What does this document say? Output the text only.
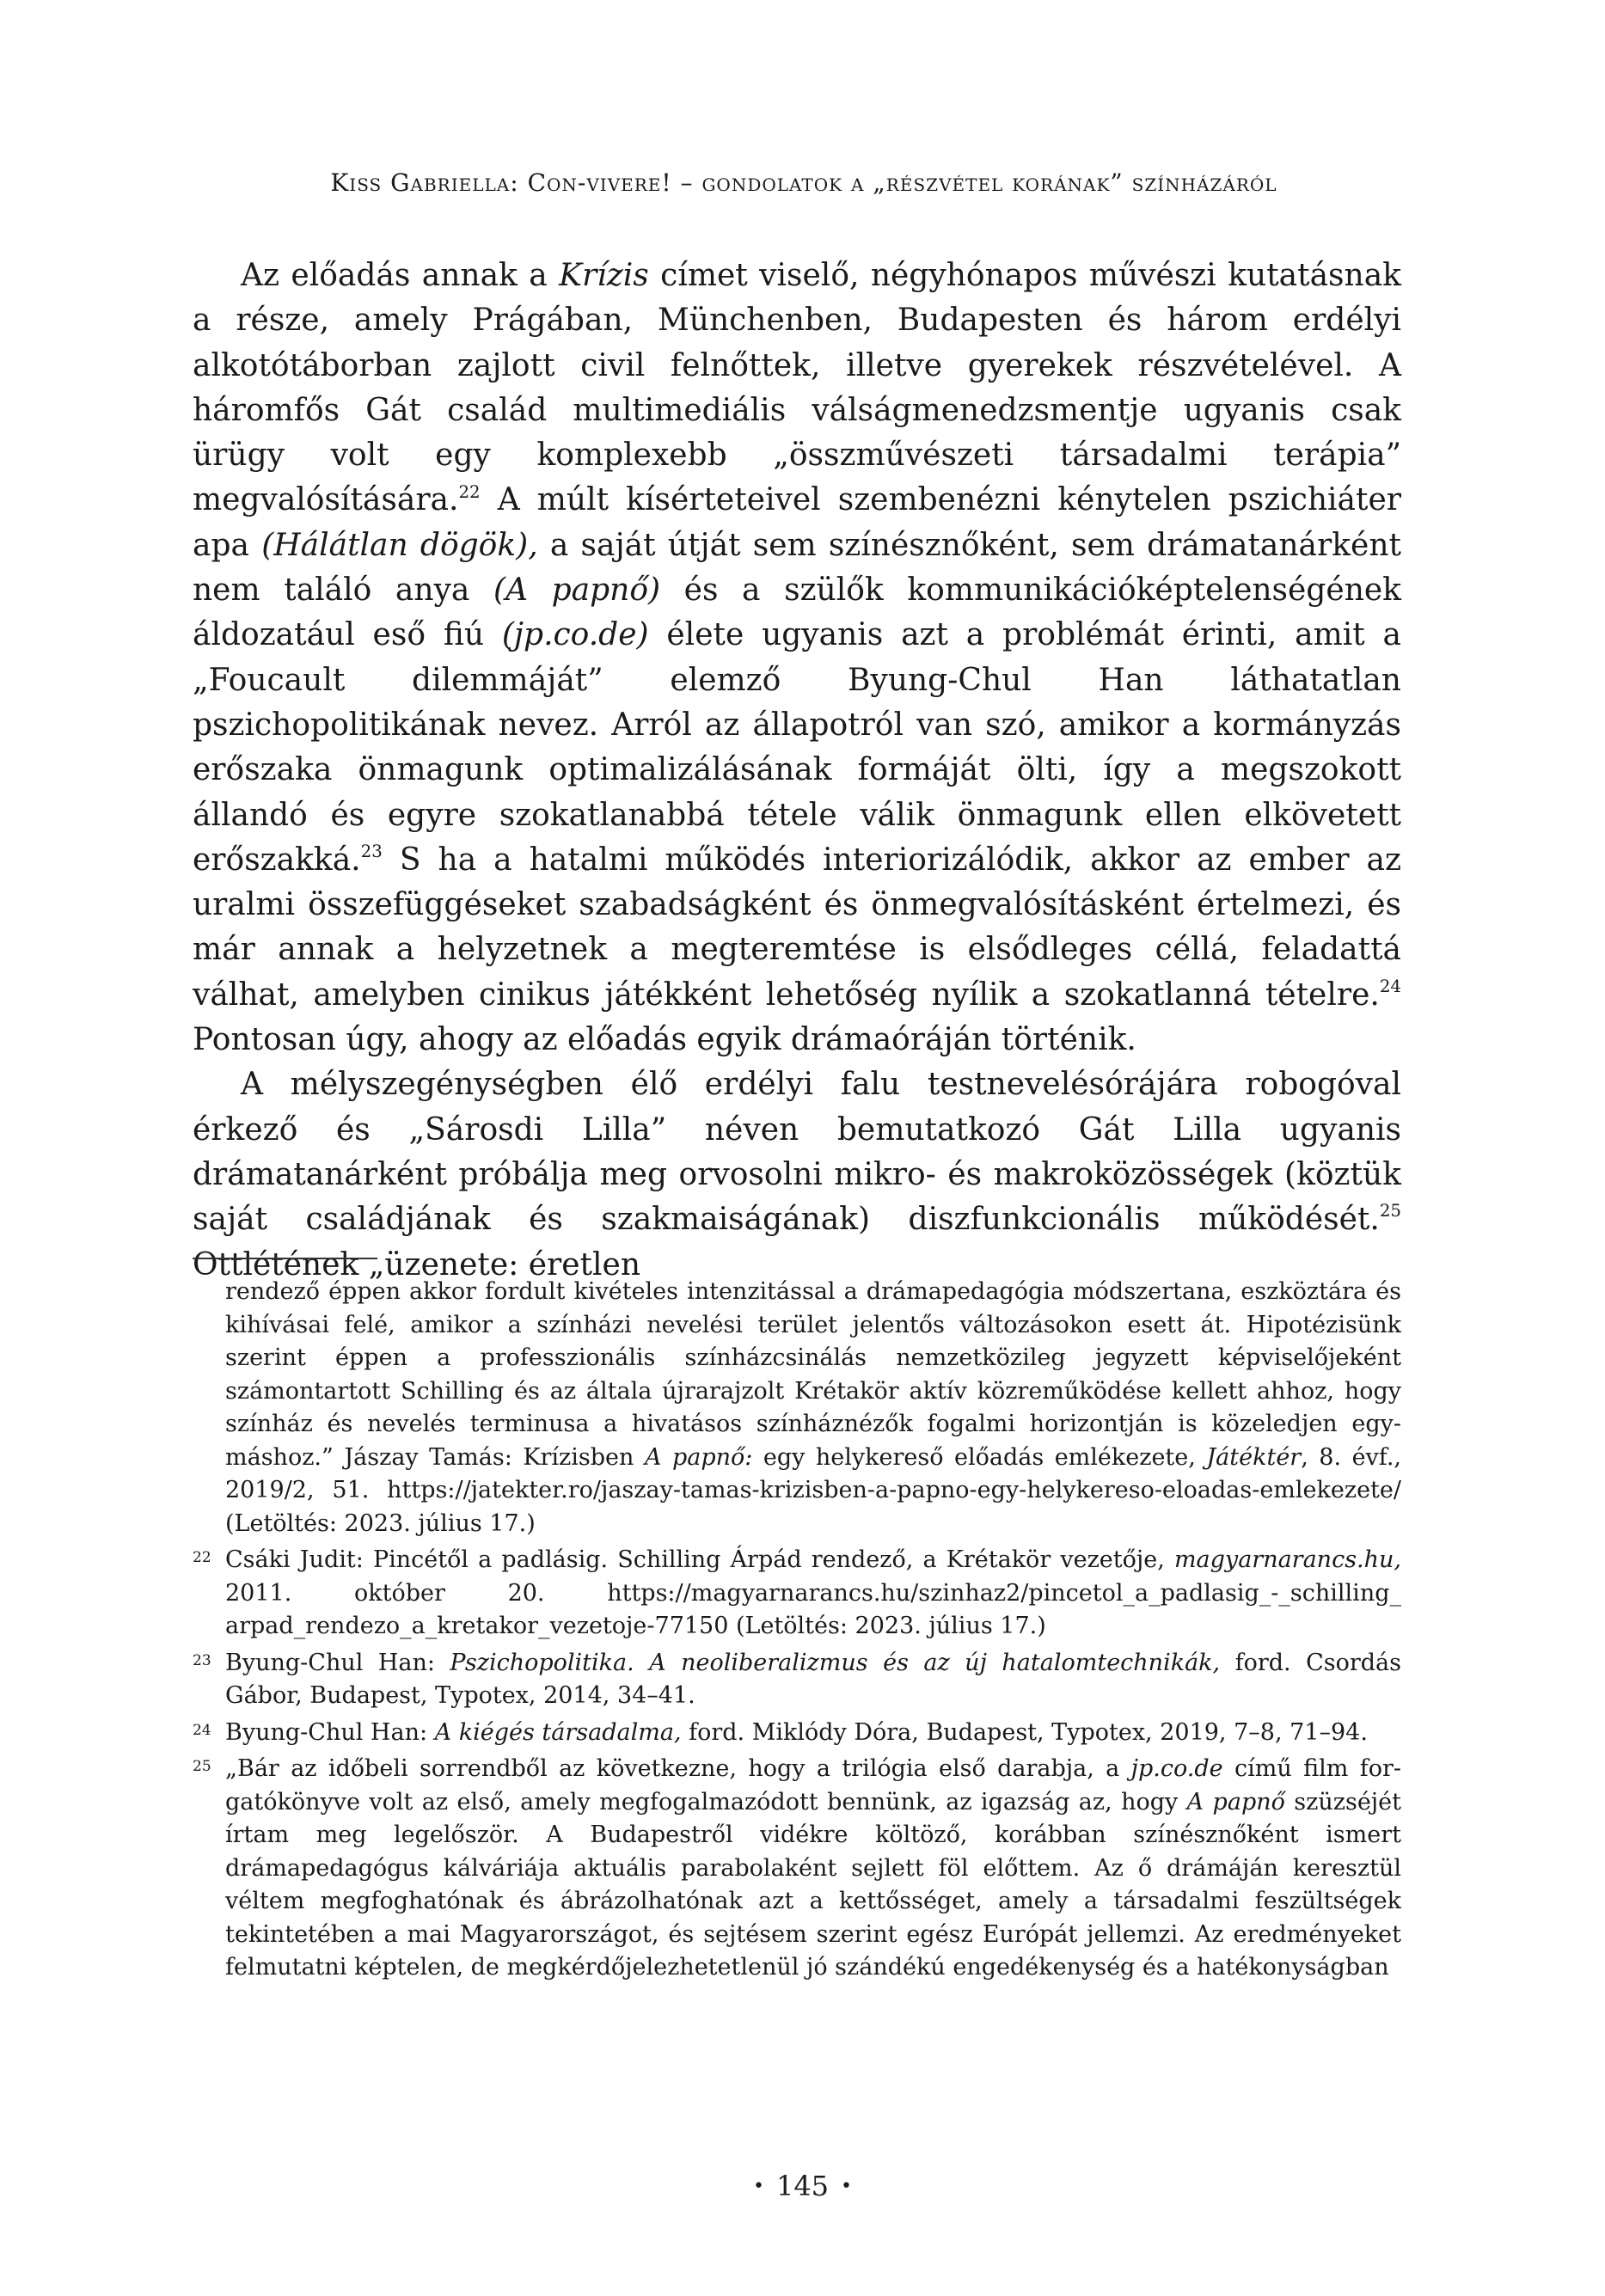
Kiss Gabriella: Con-vivere! – gondolatok a „részvétel korának” színházáról

Az előadás annak a Krízis címet viselő, négyhónapos művészi kutatásnak a része, amely Prágában, Münchenben, Budapesten és három erdélyi alkotótáborban zajlott civil felnőttek, illetve gyerekek részvételével. A háromfős Gát család multimediális válságmenedzsmentje ugyanis csak ürügy volt egy komplexebb „összművészeti társadalmi terápia” megvalósítására.$^{22}$ A múlt kísérteteivel szembenézni kénytelen pszichiáter apa (Hálátlan dögök), a saját útját sem színésznőként, sem drámatanárként nem találó anya (A papnő) és a szülők kommunikációképtelenségének áldozatául eső fiú (jp.co.de) élete ugyanis azt a problémát érinti, amit a „Foucault dilemmáját” elemző Byung-Chul Han láthatatlan pszichopolitikának nevez. Arról az állapotról van szó, amikor a kormányzás erőszaka önmagunk optimalizálásának formáját ölti, így a megszokott állandó és egyre szokatlanabbá tétele válik önmagunk ellen elkövetett erőszakká.$^{23}$ S ha a hatalmi működés interiorizálódik, akkor az ember az uralmi összefüggéseket szabadságként és önmegvalósításként értelmezi, és már annak a helyzetnek a megteremtése is elsődleges céllá, feladattá válhat, amelyben cinikus játékként lehetőség nyílik a szokatlanná tételre.$^{24}$ Pontosan úgy, ahogy az előadás egyik drámaóráján történik.

A mélyszegénységben élő erdélyi falu testnevelésórájára robogóval érkező és „Sárosdi Lilla” néven bemutatkozó Gát Lilla ugyanis drámatanárként próbálja meg orvosolni mikro- és makroközösségek (köztük saját családjának és szakmaiságának) diszfunkcionális működését.$^{25}$ Ottlétének „üzenete: éretlen

rendező éppen akkor fordult kivételes intenzitással a drámapedagógia módszertana, eszköztára és kihívásai felé, amikor a színházi nevelési terület jelentős változásokon esett át. Hipotézisünk szerint éppen a professzionális színházcsinálás nemzetközileg jegyzett képviselőjeként számontartott Schilling és az általa újrarajzolt Krétakör aktív közreműködése kellett ahhoz, hogy színház és nevelés terminusa a hivatásos színháznézők fogalmi horizontján is közeledjen egymáshoz.” Jászay Tamás: Krízisben A papnő: egy helykereső előadás emlékezete, Játéktér, 8. évf., 2019/2, 51. https://jatekter.ro/jaszay-tamas-krizisben-a-papno-egy-helykereso-eloadas-emlekezete/ (Letöltés: 2023. július 17.)
22 Csáki Judit: Pincétől a padlásig. Schilling Árpád rendező, a Krétakör vezetője, magyarnarancs.hu, 2011. október 20. https://magyarnarancs.hu/szinhaz2/pincetol_a_padlasig_-_schilling_ arpad_rendezo_a_kretakor_vezetoje-77150 (Letöltés: 2023. július 17.)
23 Byung-Chul Han: Pszichopolitika. A neoliberalizmus és az új hatalomtechnikák, ford. Csordás Gábor, Budapest, Typotex, 2014, 34–41.
24 Byung-Chul Han: A kiégés társadalma, ford. Miklódy Dóra, Budapest, Typotex, 2019, 7–8, 71–94.
25 „Bár az időbeli sorrendből az következne, hogy a trilógia első darabja, a jp.co.de című film forgatókönyve volt az első, amely megfogalmazódott bennünk, az igazság az, hogy A papnő szüzséjét írtam meg legelőször. A Budapestről vidékre költöző, korábban színésznőként ismert drámapedagógus kálváriája aktuális parabolaként sejlett föl előttem. Az ő drámáján keresztül véltem megfoghatónak és ábrázolhatónak azt a kettősséget, amely a társadalmi feszültségek tekintetében a mai Magyarországot, és sejtésem szerint egész Európát jellemzi. Az eredményeket felmutatni képtelen, de megkérdőjelezhetetlenül jó szándékú engedékenység és a hatékonyságban
• 145 •
